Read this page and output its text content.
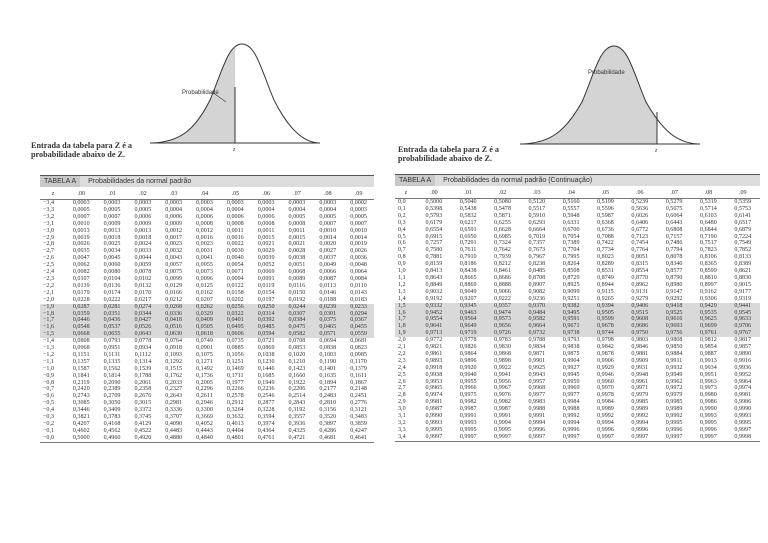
Probabilidade
z
Entrada da tabela para Z é a
probabilidade abaixo de Z.
TABELA A Probabilidades da normal padrão
z	.00	.01	.02	.03	.04	.05	.06	.07	.08	.09
−3,4	0,0003	0,0003	0,0003	0,0003	0,0003	0,0003	0,0003	0,0003	0,0003	0,0002
−3,3	0,0005	0,0005	0,0005	0,0004	0,0004	0,0004	0,0004	0,0004	0,0004	0,0003
−3,2	0,0007	0,0007	0,0006	0,0006	0,0006	0,0006	0,0006	0,0005	0,0005	0,0005
−3,1	0,0010	0,0009	0,0009	0,0009	0,0008	0,0008	0,0008	0,0008	0,0007	0,0007
−3,0	0,0013	0,0013	0,0013	0,0012	0,0012	0,0011	0,0011	0,0011	0,0010	0,0010
−2,9	0,0019	0,0018	0,0018	0,0017	0,0016	0,0016	0,0015	0,0015	0,0014	0,0014
−2,8	0,0026	0,0025	0,0024	0,0023	0,0023	0,0022	0,0021	0,0021	0,0020	0,0019
−2,7	0,0035	0,0034	0,0033	0,0032	0,0031	0,0030	0,0029	0,0028	0,0027	0,0026
−2,6	0,0047	0,0045	0,0044	0,0043	0,0041	0,0040	0,0039	0,0038	0,0037	0,0036
−2,5	0,0062	0,0060	0,0059	0,0057	0,0055	0,0054	0,0052	0,0051	0,0049	0,0048
−2,4	0,0082	0,0080	0,0078	0,0075	0,0073	0,0071	0,0069	0,0068	0,0066	0,0064
−2,3	0,0107	0,0104	0,0102	0,0099	0,0096	0,0094	0,0091	0,0089	0,0087	0,0084
−2,2	0,0139	0,0136	0,0132	0,0129	0,0125	0,0122	0,0119	0,0116	0,0113	0,0110
−2,1	0,0179	0,0174	0,0170	0,0166	0,0162	0,0158	0,0154	0,0150	0,0146	0,0143
−2,0	0,0228	0,0222	0,0217	0,0212	0,0207	0,0202	0,0197	0,0192	0,0188	0,0183
−1,9	0,0287	0,0281	0,0274	0,0268	0,0262	0,0256	0,0250	0,0244	0,0239	0,0233
−1,8	0,0359	0,0351	0,0344	0,0336	0,0329	0,0322	0,0314	0,0307	0,0301	0,0294
−1,7	0,0446	0,0436	0,0427	0,0418	0,0409	0,0401	0,0392	0,0384	0,0375	0,0367
−1,6	0,0548	0,0537	0,0526	0,0516	0,0505	0,0495	0,0485	0,0475	0,0465	0,0455
−1,5	0,0668	0,0655	0,0643	0,0630	0,0618	0,0606	0,0594	0,0582	0,0571	0,0559
−1,4	0,0808	0,0793	0,0778	0,0764	0,0749	0,0735	0,0721	0,0708	0,0694	0,0681
−1,3	0,0968	0,0951	0,0934	0,0918	0,0901	0,0885	0,0869	0,0853	0,0838	0,0823
−1,2	0,1151	0,1131	0,1112	0,1093	0,1075	0,1056	0,1038	0,1020	0,1003	0,0985
−1,1	0,1357	0,1335	0,1314	0,1292	0,1271	0,1251	0,1230	0,1210	0,1190	0,1170
−1,0	0,1587	0,1562	0,1539	0,1515	0,1492	0,1469	0,1446	0,1423	0,1401	0,1379
−0,9	0,1841	0,1814	0,1788	0,1762	0,1736	0,1711	0,1685	0,1660	0,1635	0,1611
−0,8	0,2119	0,2090	0,2061	0,2033	0,2005	0,1977	0,1949	0,1922	0,1894	0,1867
−0,7	0,2420	0,2389	0,2358	0,2327	0,2296	0,2266	0,2236	0,2206	0,2177	0,2148
−0,6	0,2743	0,2709	0,2676	0,2643	0,2611	0,2578	0,2546	0,2514	0,2483	0,2451
−0,5	0,3085	0,3050	0,3015	0,2981	0,2946	0,2912	0,2877	0,2843	0,2810	0,2776
−0,4	0,3446	0,3409	0,3372	0,3336	0,3300	0,3264	0,3228	0,3192	0,3156	0,3121
−0,3	0,3821	0,3783	0,3745	0,3707	0,3669	0,3632	0,3594	0,3557	0,3520	0,3483
−0,2	0,4207	0,4168	0,4129	0,4090	0,4052	0,4013	0,3974	0,3936	0,3897	0,3859
−0,1	0,4602	0,4562	0,4522	0,4483	0,4443	0,4404	0,4364	0,4325	0,4286	0,4247
−0,0	0,5000	0,4960	0,4920	0,4880	0,4840	0,4801	0,4761	0,4721	0,4681	0,4641
Probabilidade
z
Entrada da tabela para Z é a
probabilidade abaixo de Z.
TABELA A Probabilidades da normal padrão (Continuação)
z	.00	.01	.02	.03	.04	.05	.06	.07	.08	.09
0,0	0,5000	0,5040	0,5080	0,5120	0,5160	0,5199	0,5239	0,5279	0,5319	0,5359
0,1	0,5398	0,5438	0,5478	0,5517	0,5557	0,5596	0,5636	0,5675	0,5714	0,5753
0,2	0,5793	0,5832	0,5871	0,5910	0,5948	0,5987	0,6026	0,6064	0,6103	0,6141
0,3	0,6179	0,6217	0,6255	0,6293	0,6331	0,6368	0,6406	0,6443	0,6480	0,6517
0,4	0,6554	0,6591	0,6628	0,6664	0,6700	0,6736	0,6772	0,6808	0,6844	0,6879
0,5	0,6915	0,6950	0,6985	0,7019	0,7054	0,7088	0,7123	0,7157	0,7190	0,7224
0,6	0,7257	0,7291	0,7324	0,7357	0,7389	0,7422	0,7454	0,7486	0,7517	0,7549
0,7	0,7580	0,7611	0,7642	0,7673	0,7704	0,7734	0,7764	0,7794	0,7823	0,7852
0,8	0,7881	0,7910	0,7939	0,7967	0,7995	0,8023	0,8051	0,8078	0,8106	0,8133
0,9	0,8159	0,8186	0,8212	0,8238	0,8264	0,8289	0,8315	0,8340	0,8365	0,8389
1,0	0,8413	0,8438	0,8461	0,8485	0,8508	0,8531	0,8554	0,8577	0,8599	0,8621
1,1	0,8643	0,8665	0,8686	0,8708	0,8729	0,8749	0,8770	0,8790	0,8810	0,8830
1,2	0,8849	0,8869	0,8888	0,8907	0,8925	0,8944	0,8962	0,8980	0,8997	0,9015
1,3	0,9032	0,9049	0,9066	0,9082	0,9099	0,9115	0,9131	0,9147	0,9162	0,9177
1,4	0,9192	0,9207	0,9222	0,9236	0,9251	0,9265	0,9279	0,9292	0,9306	0,9319
1,5	0,9332	0,9345	0,9357	0,9370	0,9382	0,9394	0,9406	0,9418	0,9429	0,9441
1,6	0,9452	0,9463	0,9474	0,9484	0,9495	0,9505	0,9515	0,9525	0,9535	0,9545
1,7	0,9554	0,9564	0,9573	0,9582	0,9591	0,9599	0,9608	0,9616	0,9625	0,9633
1,8	0,9641	0,9649	0,9656	0,9664	0,9671	0,9678	0,9686	0,9693	0,9699	0,9706
1,9	0,9713	0,9719	0,9726	0,9732	0,9738	0,9744	0,9750	0,9756	0,9761	0,9767
2,0	0,9772	0,9778	0,9783	0,9788	0,9793	0,9798	0,9803	0,9808	0,9812	0,9817
2,1	0,9821	0,9826	0,9830	0,9834	0,9838	0,9842	0,9846	0,9850	0,9854	0,9857
2,2	0,9861	0,9864	0,9868	0,9871	0,9875	0,9878	0,9881	0,9884	0,9887	0,9890
2,3	0,9893	0,9896	0,9898	0,9901	0,9904	0,9906	0,9909	0,9911	0,9913	0,9916
2,4	0,9918	0,9920	0,9922	0,9925	0,9927	0,9929	0,9931	0,9932	0,9934	0,9936
2,5	0,9938	0,9940	0,9941	0,9943	0,9945	0,9946	0,9948	0,9949	0,9951	0,9952
2,6	0,9953	0,9955	0,9956	0,9957	0,9959	0,9960	0,9961	0,9962	0,9963	0,9964
2,7	0,9965	0,9966	0,9967	0,9968	0,9969	0,9970	0,9971	0,9972	0,9973	0,9974
2,8	0,9974	0,9975	0,9976	0,9977	0,9977	0,9978	0,9979	0,9979	0,9980	0,9981
2,9	0,9981	0,9982	0,9982	0,9983	0,9984	0,9984	0,9985	0,9985	0,9986	0,9986
3,0	0,9987	0,9987	0,9987	0,9988	0,9988	0,9989	0,9989	0,9989	0,9990	0,9990
3,1	0,9990	0,9991	0,9991	0,9991	0,9992	0,9992	0,9992	0,9992	0,9993	0,9993
3,2	0,9993	0,9993	0,9994	0,9994	0,9994	0,9994	0,9994	0,9995	0,9995	0,9995
3,3	0,9995	0,9995	0,9995	0,9996	0,9996	0,9996	0,9996	0,9996	0,9996	0,9997
3,4	0,9997	0,9997	0,9997	0,9997	0,9997	0,9997	0,9997	0,9997	0,9997	0,9998
